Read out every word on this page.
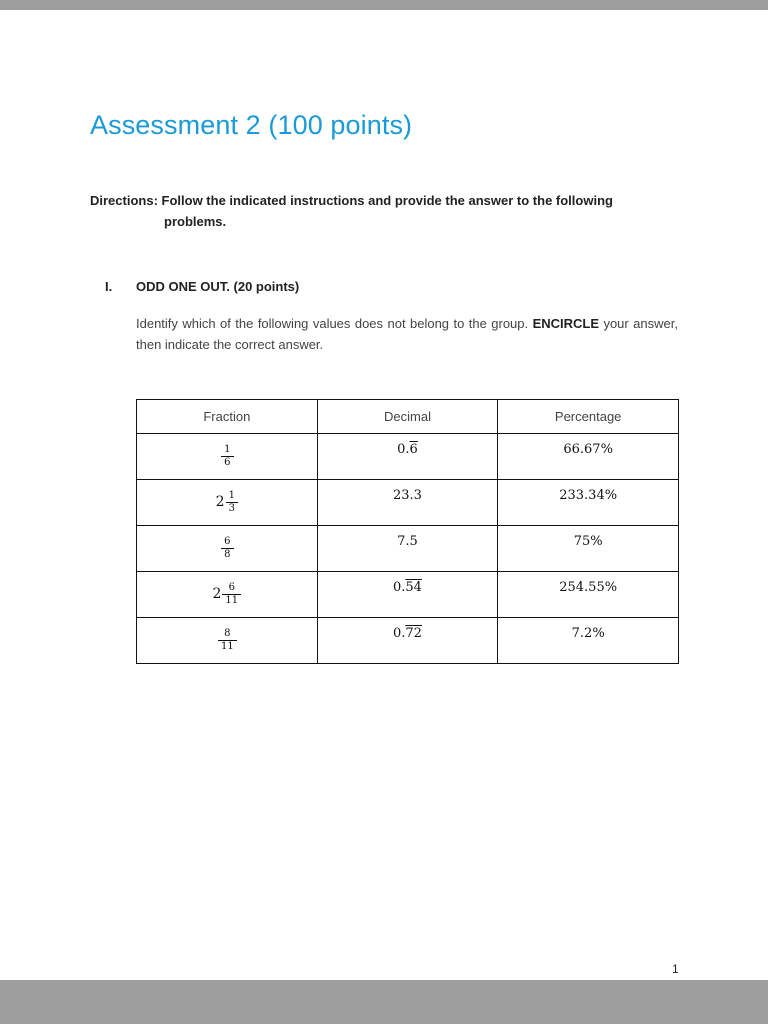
Assessment 2 (100 points)
Directions: Follow the indicated instructions and provide the answer to the following
problems.
I. ODD ONE OUT. (20 points)
Identify which of the following values does not belong to the group. ENCIRCLE your answer, then indicate the correct answer.
Fraction	Decimal	Percentage

$\frac{1}{6}$	0.6	66.67%
$2 \frac{1}{3}$	23.3	233.34%

$\frac{6}{8}$	7.5	75%
$2 \frac{6}{11}$	0.54	254.55%

$\frac{8}{11}$	0.72	7.2%
1
